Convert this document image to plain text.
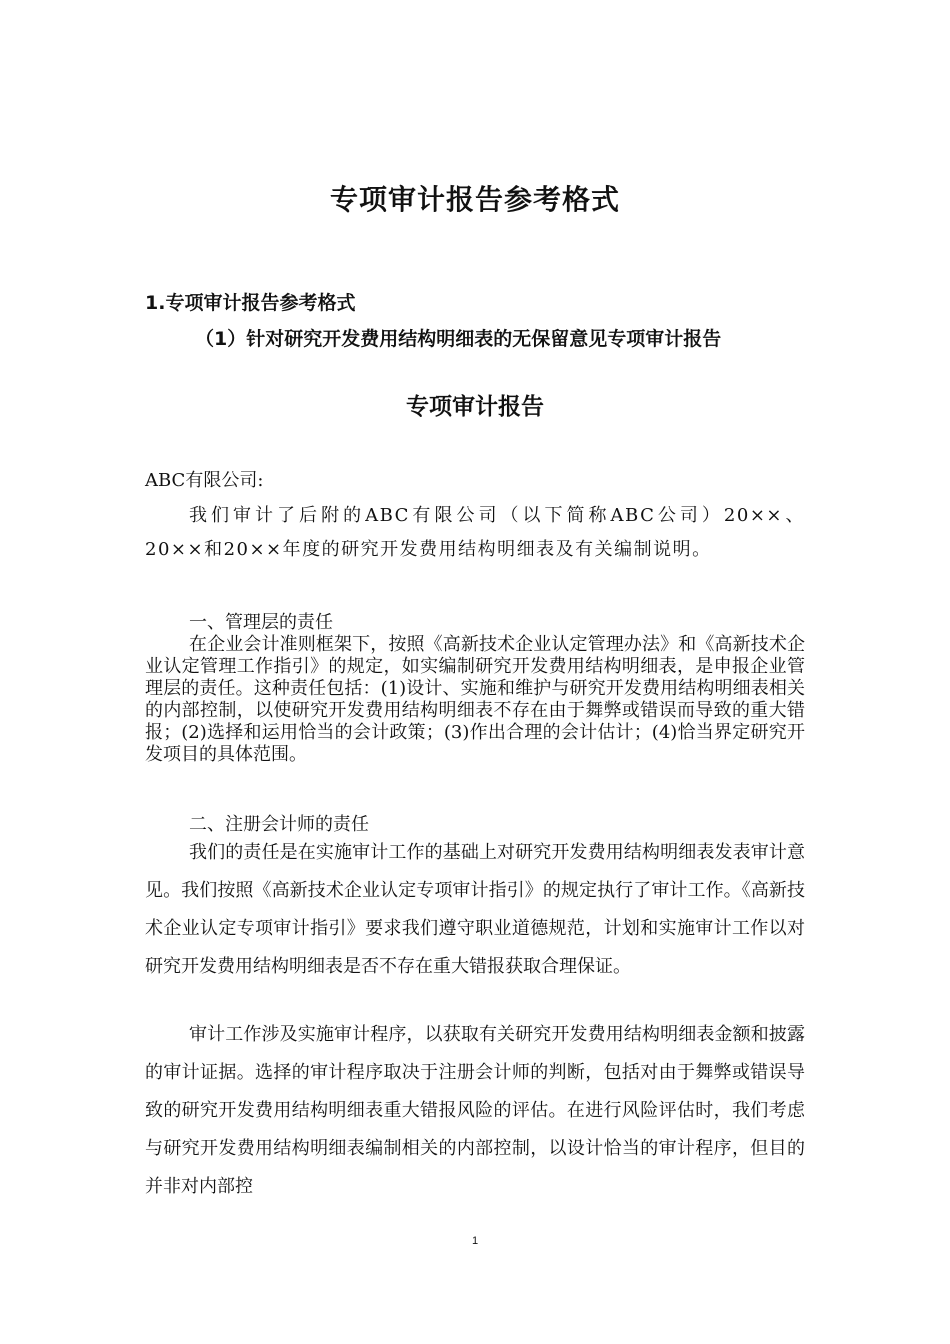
专项审计报告参考格式
1.专项审计报告参考格式
（1）针对研究开发费用结构明细表的无保留意见专项审计报告
专项审计报告
ABC有限公司:

我们审计了后附的ABC有限公司（以下简称ABC公司）20××、20××和20××年度的研究开发费用结构明细表及有关编制说明。

一、管理层的责任

在企业会计准则框架下，按照《高新技术企业认定管理办法》和《高新技术企业认定管理工作指引》的规定，如实编制研究开发费用结构明细表，是申报企业管理层的责任。这种责任包括：(1)设计、实施和维护与研究开发费用结构明细表相关的内部控制，以使研究开发费用结构明细表不存在由于舞弊或错误而导致的重大错报；(2)选择和运用恰当的会计政策；(3)作出合理的会计估计；(4)恰当界定研究开发项目的具体范围。

二、注册会计师的责任

我们的责任是在实施审计工作的基础上对研究开发费用结构明细表发表审计意见。我们按照《高新技术企业认定专项审计指引》的规定执行了审计工作。《高新技术企业认定专项审计指引》要求我们遵守职业道德规范，计划和实施审计工作以对研究开发费用结构明细表是否不存在重大错报获取合理保证。

审计工作涉及实施审计程序，以获取有关研究开发费用结构明细表金额和披露的审计证据。选择的审计程序取决于注册会计师的判断，包括对由于舞弊或错误导致的研究开发费用结构明细表重大错报风险的评估。在进行风险评估时，我们考虑与研究开发费用结构明细表编制相关的内部控制，以设计恰当的审计程序，但目的并非对内部控

1
